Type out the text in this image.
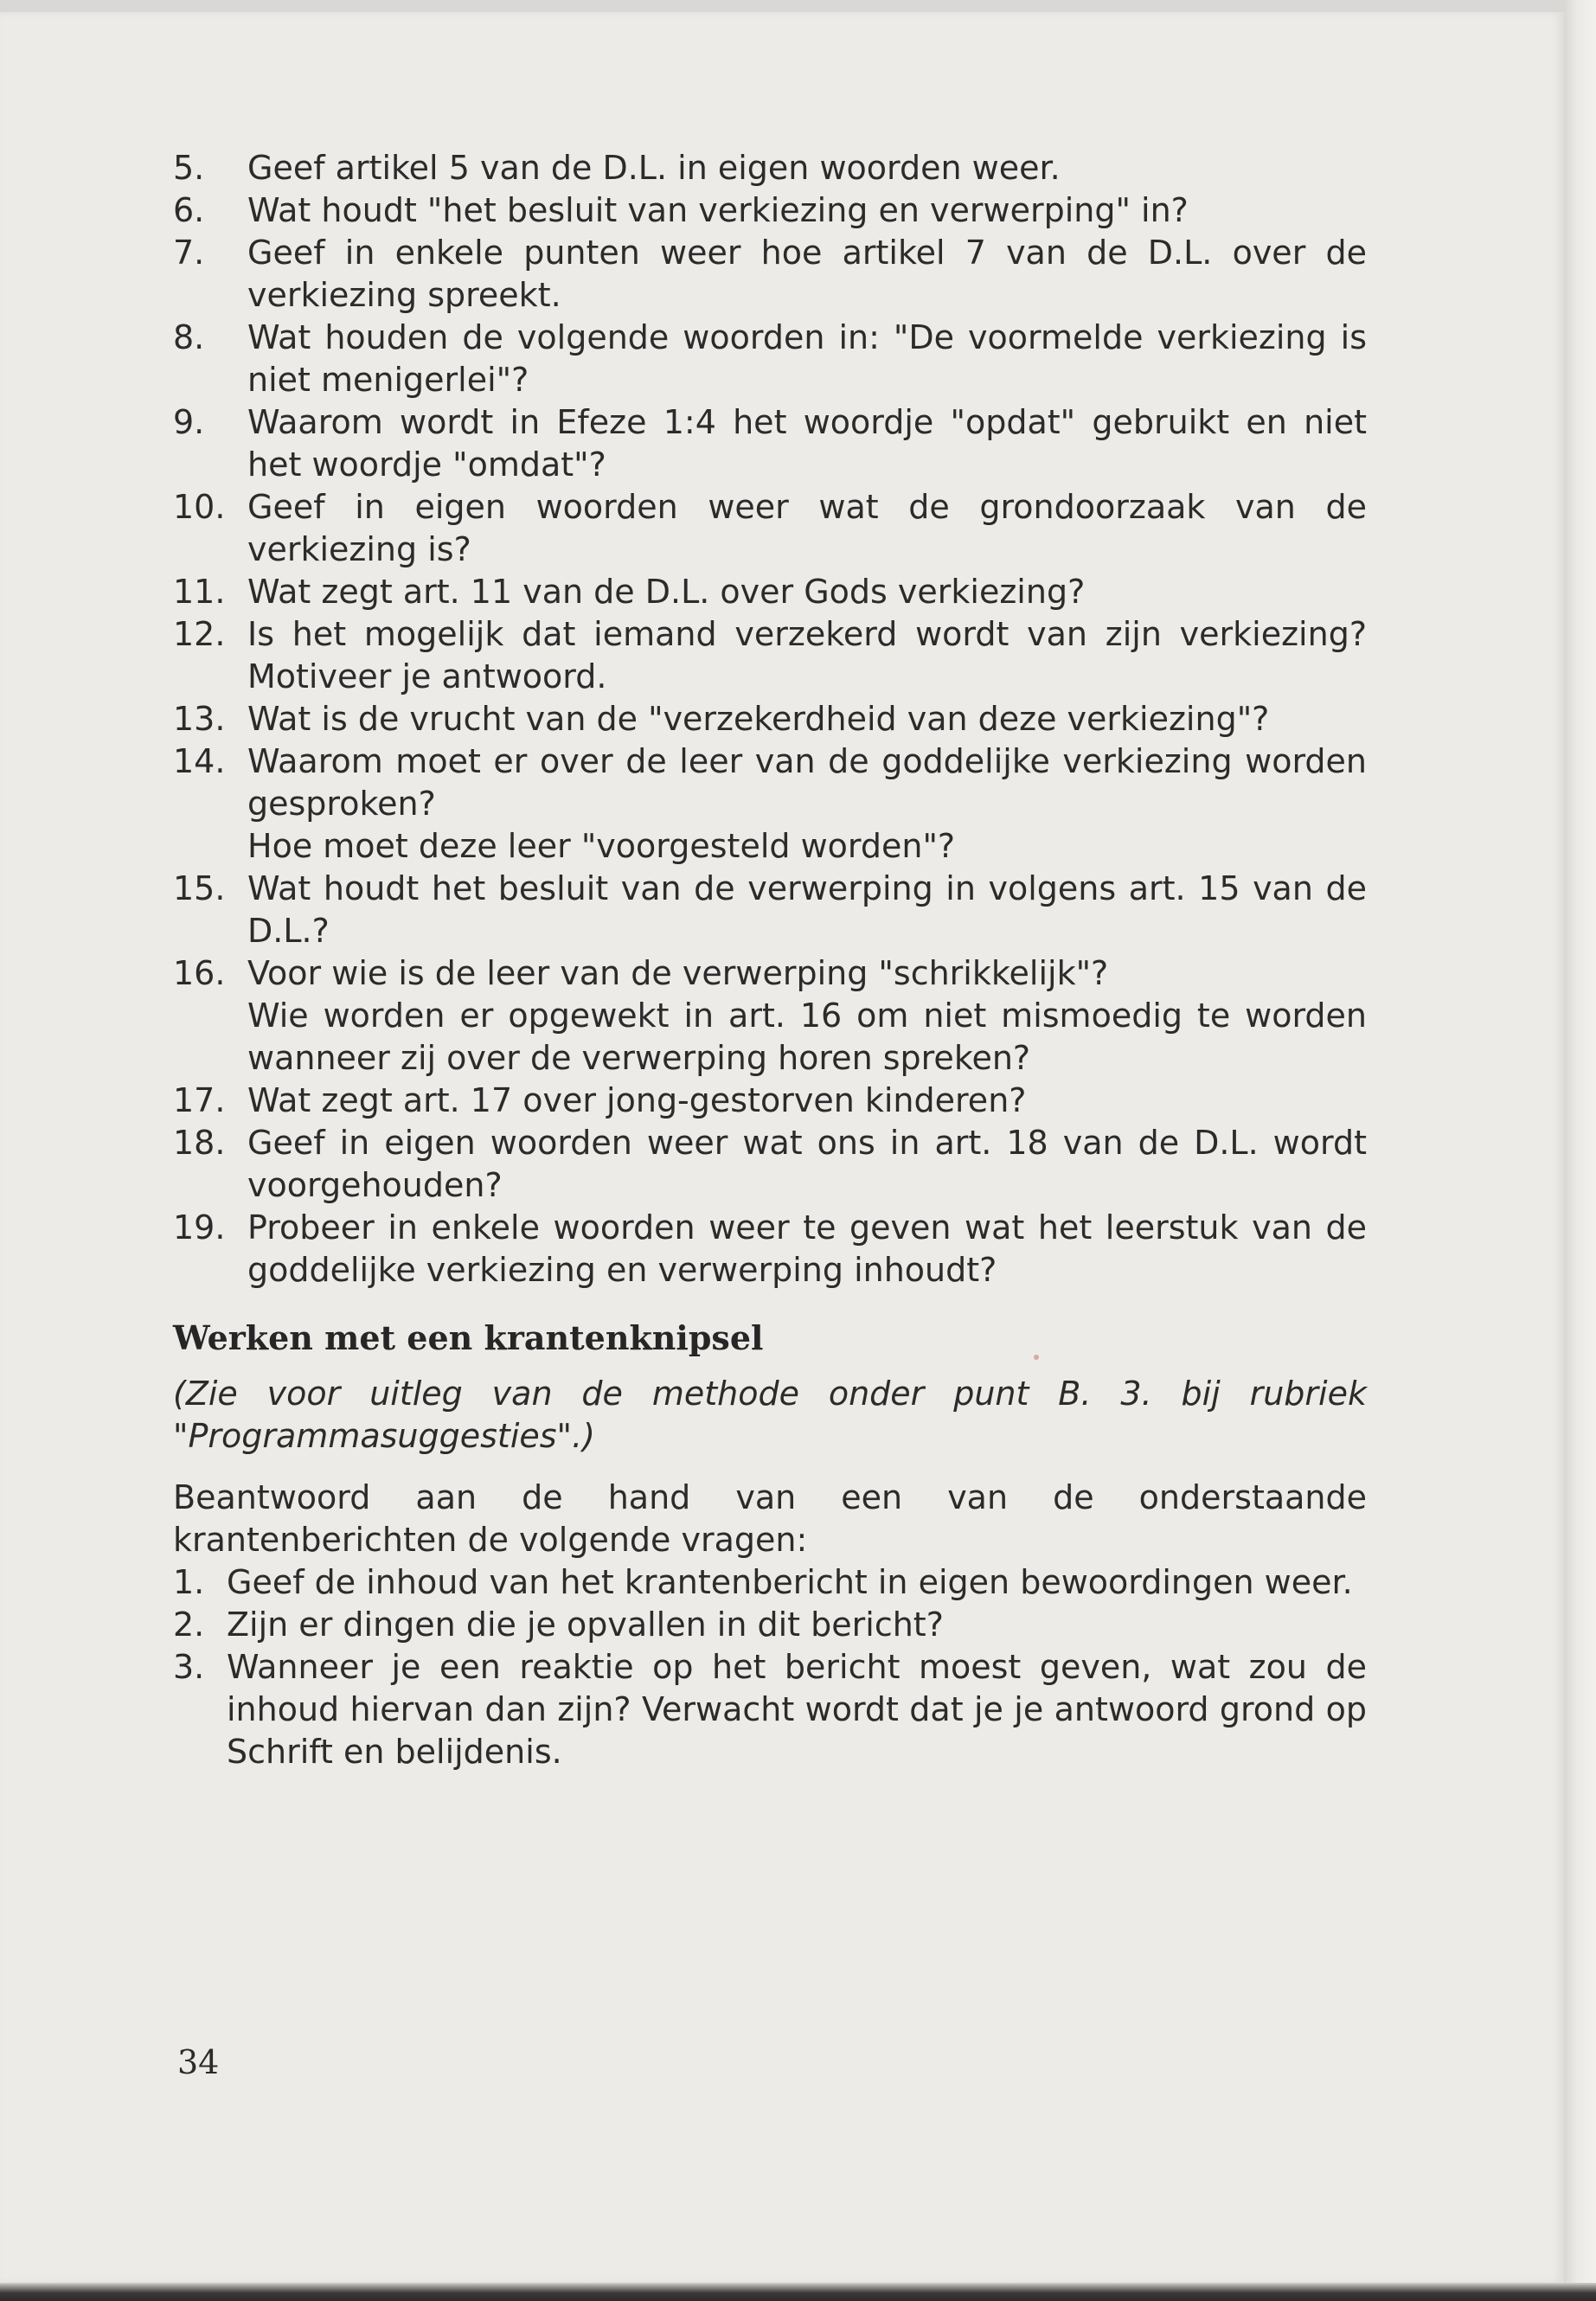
5.	Geef artikel 5 van de D.L. in eigen woorden weer.
6.	Wat houdt "het besluit van verkiezing en verwerping" in?
7.	Geef in enkele punten weer hoe artikel 7 van de D.L. over de verkiezing spreekt.
8.	Wat houden de volgende woorden in: "De voormelde verkiezing is niet menigerlei"?
9.	Waarom wordt in Efeze 1:4 het woordje "opdat" gebruikt en niet het woordje "omdat"?
10. Geef in eigen woorden weer wat de grondoorzaak van de verkiezing is?
11. Wat zegt art. 11 van de D.L. over Gods verkiezing?
12. Is het mogelijk dat iemand verzekerd wordt van zijn verkiezing? Motiveer je antwoord.
13. Wat is de vrucht van de "verzekerdheid van deze verkiezing"?
14. Waarom moet er over de leer van de goddelijke verkiezing worden gesproken?
Hoe moet deze leer "voorgesteld worden"?
15. Wat houdt het besluit van de verwerping in volgens art. 15 van de D.L.?
16. Voor wie is de leer van de verwerping "schrikkelijk"?
Wie worden er opgewekt in art. 16 om niet mismoedig te worden wanneer zij over de verwerping horen spreken?
17. Wat zegt art. 17 over jong-gestorven kinderen?
18. Geef in eigen woorden weer wat ons in art. 18 van de D.L. wordt voorgehouden?
19. Probeer in enkele woorden weer te geven wat het leerstuk van de goddelijke verkiezing en verwerping inhoudt?
Werken met een krantenknipsel

(Zie voor uitleg van de methode onder punt B. 3. bij rubriek "Programmasuggesties".)

Beantwoord aan de hand van een van de onderstaande krantenberichten de volgende vragen:

1. Geef de inhoud van het krantenbericht in eigen bewoordingen weer.
2. Zijn er dingen die je opvallen in dit bericht?
3. Wanneer je een reaktie op het bericht moest geven, wat zou de inhoud hiervan dan zijn? Verwacht wordt dat je je antwoord grond op Schrift en belijdenis.
34
